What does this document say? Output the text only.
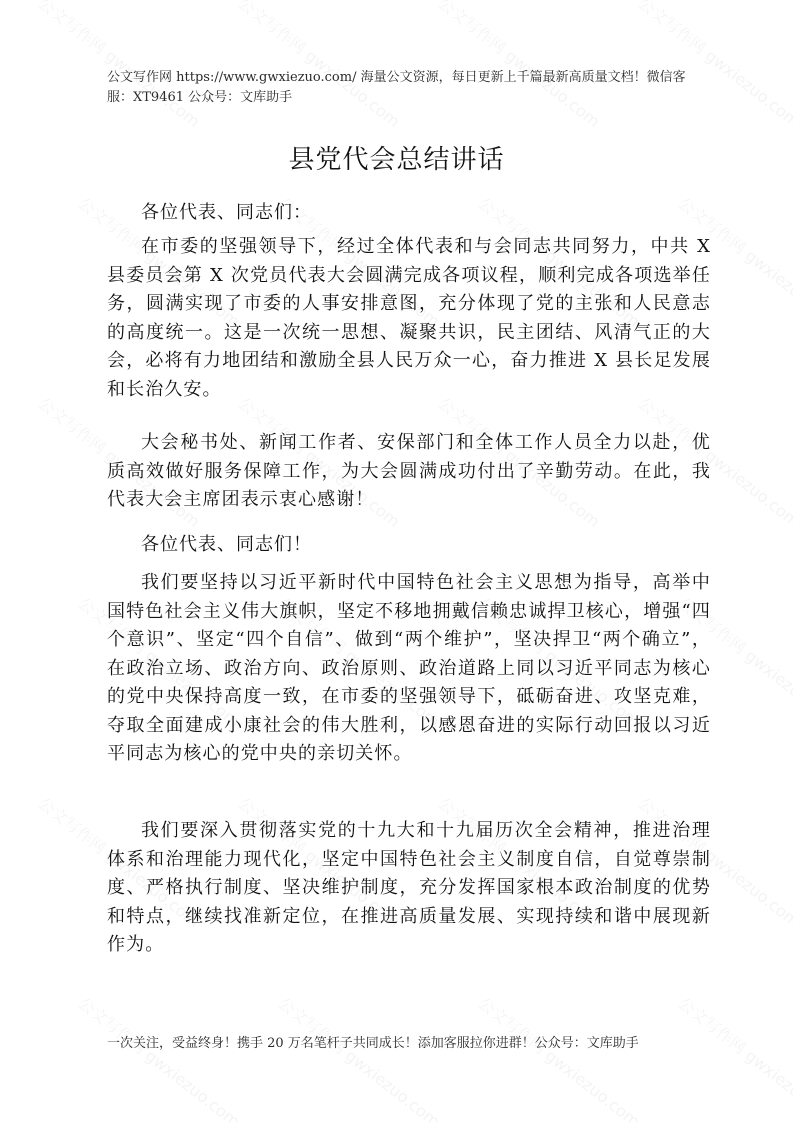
公文写作网 https://www.gwxiezuo.com/ 海量公文资源，每日更新上千篇最新高质量文档！微信客服：XT9461 公众号：文库助手
县党代会总结讲话
各位代表、同志们：
在市委的坚强领导下，经过全体代表和与会同志共同努力，中共 X 县委员会第 X 次党员代表大会圆满完成各项议程，顺利完成各项选举任务，圆满实现了市委的人事安排意图，充分体现了党的主张和人民意志的高度统一。这是一次统一思想、凝聚共识，民主团结、风清气正的大会，必将有力地团结和激励全县人民万众一心，奋力推进 X 县长足发展和长治久安。
大会秘书处、新闻工作者、安保部门和全体工作人员全力以赴，优质高效做好服务保障工作，为大会圆满成功付出了辛勤劳动。在此，我代表大会主席团表示衷心感谢！
各位代表、同志们！
我们要坚持以习近平新时代中国特色社会主义思想为指导，高举中国特色社会主义伟大旗帜，坚定不移地拥戴信赖忠诚捍卫核心，增强“四个意识”、坚定“四个自信”、做到“两个维护”，坚决捍卫“两个确立”，在政治立场、政治方向、政治原则、政治道路上同以习近平同志为核心的党中央保持高度一致，在市委的坚强领导下，砥砺奋进、攻坚克难，夺取全面建成小康社会的伟大胜利，以感恩奋进的实际行动回报以习近平同志为核心的党中央的亲切关怀。
我们要深入贯彻落实党的十九大和十九届历次全会精神，推进治理体系和治理能力现代化，坚定中国特色社会主义制度自信，自觉尊崇制度、严格执行制度、坚决维护制度，充分发挥国家根本政治制度的优势和特点，继续找准新定位，在推进高质量发展、实现持续和谐中展现新作为。
一次关注，受益终身！携手 20 万名笔杆子共同成长！添加客服拉你进群！公众号：文库助手
